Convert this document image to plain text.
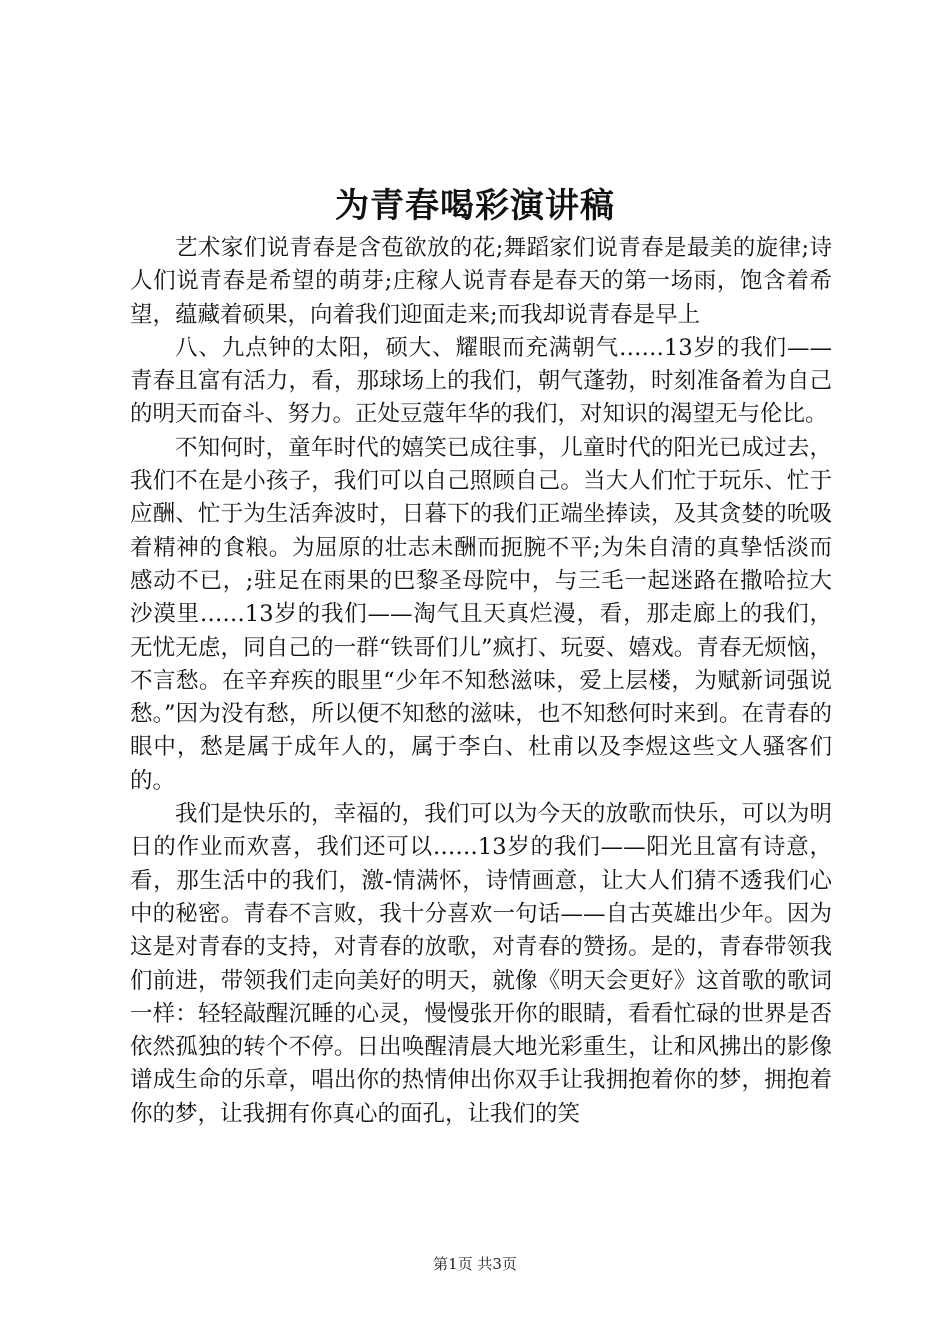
为青春喝彩演讲稿

艺术家们说青春是含苞欲放的花;舞蹈家们说青春是最美的旋律;诗人们说青春是希望的萌芽;庄稼人说青春是春天的第一场雨，饱含着希望，蕴藏着硕果，向着我们迎面走来;而我却说青春是早上

八、九点钟的太阳，硕大、耀眼而充满朝气……13岁的我们——青春且富有活力，看，那球场上的我们，朝气蓬勃，时刻准备着为自己的明天而奋斗、努力。正处豆蔻年华的我们，对知识的渴望无与伦比。

不知何时，童年时代的嬉笑已成往事，儿童时代的阳光已成过去，我们不在是小孩子，我们可以自己照顾自己。当大人们忙于玩乐、忙于应酬、忙于为生活奔波时，日暮下的我们正端坐捧读，及其贪婪的吮吸着精神的食粮。为屈原的壮志未酬而扼腕不平;为朱自清的真挚恬淡而感动不已，;驻足在雨果的巴黎圣母院中，与三毛一起迷路在撒哈拉大沙漠里……13岁的我们——淘气且天真烂漫，看，那走廊上的我们，无忧无虑，同自己的一群“铁哥们儿”疯打、玩耍、嬉戏。青春无烦恼，不言愁。在辛弃疾的眼里“少年不知愁滋味，爱上层楼，为赋新词强说愁。”因为没有愁，所以便不知愁的滋味，也不知愁何时来到。在青春的眼中，愁是属于成年人的，属于李白、杜甫以及李煜这些文人骚客们的。

我们是快乐的，幸福的，我们可以为今天的放歌而快乐，可以为明日的作业而欢喜，我们还可以……13岁的我们——阳光且富有诗意，看，那生活中的我们，激-情满怀，诗情画意，让大人们猜不透我们心中的秘密。青春不言败，我十分喜欢一句话——自古英雄出少年。因为这是对青春的支持，对青春的放歌，对青春的赞扬。是的，青春带领我们前进，带领我们走向美好的明天，就像《明天会更好》这首歌的歌词一样：轻轻敲醒沉睡的心灵，慢慢张开你的眼睛，看看忙碌的世界是否依然孤独的转个不停。日出唤醒清晨大地光彩重生，让和风拂出的影像谱成生命的乐章，唱出你的热情伸出你双手让我拥抱着你的梦，拥抱着你的梦，让我拥有你真心的面孔，让我们的笑

第1页 共3页
